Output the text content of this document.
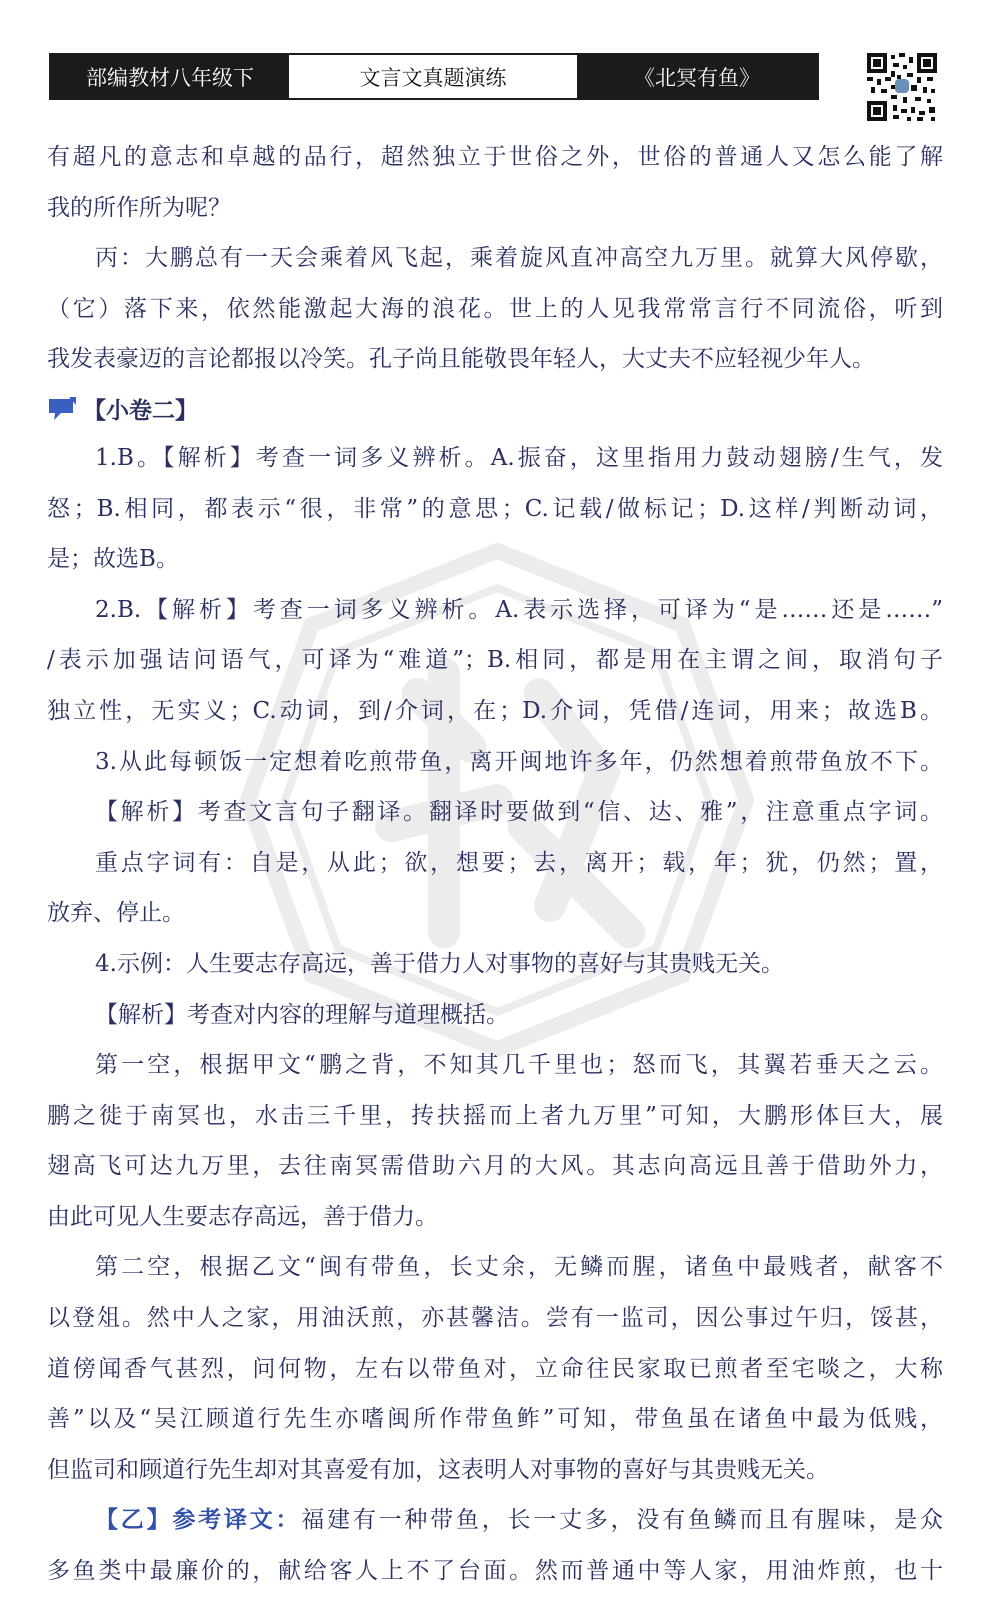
部编教材八年级下	文言文真题演练	《北冥有鱼》
有超凡的意志和卓越的品行，超然独立于世俗之外，世俗的普通人又怎么能了解
我的所作所为呢？
丙：大鹏总有一天会乘着风飞起，乘着旋风直冲高空九万里。就算大风停歇，
（它）落下来，依然能激起大海的浪花。世上的人见我常常言行不同流俗，听到
我发表豪迈的言论都报以冷笑。孔子尚且能敬畏年轻人，大丈夫不应轻视少年人。
【小卷二】
1.B。【解析】考查一词多义辨析。A.振奋，这里指用力鼓动翅膀/生气，发
怒；B.相同，都表示“很，非常”的意思；C.记载/做标记；D.这样/判断动词，
是；故选B。
2.B.【解析】考查一词多义辨析。A.表示选择，可译为“是……还是……”
/表示加强诘问语气，可译为“难道”；B.相同，都是用在主谓之间，取消句子
独立性，无实义；C.动词，到/介词，在；D.介词，凭借/连词，用来；故选B。
3.从此每顿饭一定想着吃煎带鱼，离开闽地许多年，仍然想着煎带鱼放不下。
【解析】考查文言句子翻译。翻译时要做到“信、达、雅”，注意重点字词。
重点字词有：自是，从此；欲，想要；去，离开；载，年；犹，仍然；置，
放弃、停止。
4.示例：人生要志存高远，善于借力人对事物的喜好与其贵贱无关。
【解析】考查对内容的理解与道理概括。
第一空，根据甲文“鹏之背，不知其几千里也；怒而飞，其翼若垂天之云。
鹏之徙于南冥也，水击三千里，抟扶摇而上者九万里”可知，大鹏形体巨大，展
翅高飞可达九万里，去往南冥需借助六月的大风。其志向高远且善于借助外力，
由此可见人生要志存高远，善于借力。
第二空，根据乙文“闽有带鱼，长丈余，无鳞而腥，诸鱼中最贱者，献客不
以登俎。然中人之家，用油沃煎，亦甚馨洁。尝有一监司，因公事过午归，馁甚，
道傍闻香气甚烈，问何物，左右以带鱼对，立命往民家取已煎者至宅啖之，大称
善”以及“吴江顾道行先生亦嗜闽所作带鱼鲊”可知，带鱼虽在诸鱼中最为低贱，
但监司和顾道行先生却对其喜爱有加，这表明人对事物的喜好与其贵贱无关。
【乙】参考译文：福建有一种带鱼，长一丈多，没有鱼鳞而且有腥味，是众
多鱼类中最廉价的，献给客人上不了台面。然而普通中等人家，用油炸煎，也十
